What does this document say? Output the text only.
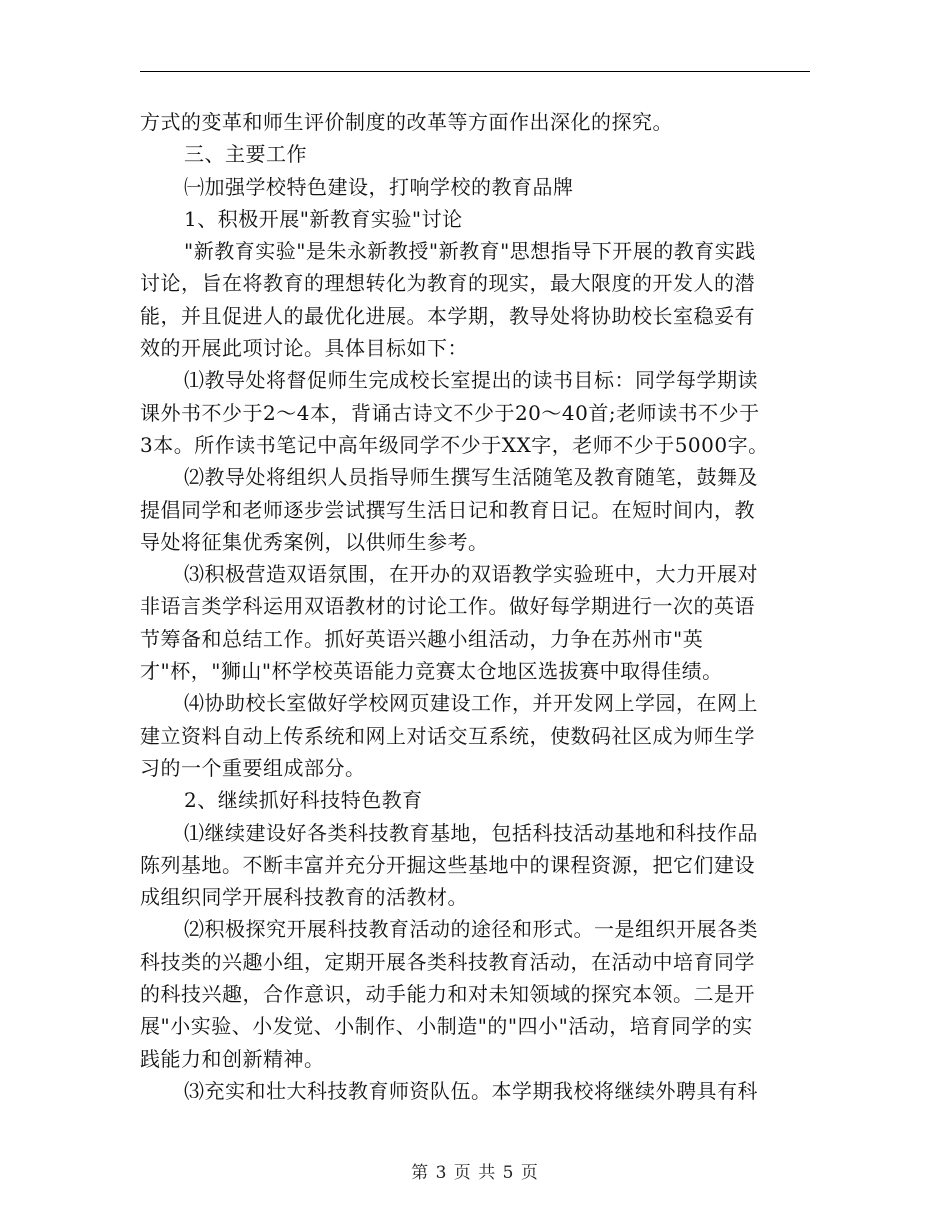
方式的变革和师生评价制度的改革等方面作出深化的探究。
三、主要工作
㈠加强学校特色建设，打响学校的教育品牌
1、积极开展"新教育实验"讨论
"新教育实验"是朱永新教授"新教育"思想指导下开展的教育实践
讨论，旨在将教育的理想转化为教育的现实，最大限度的开发人的潜
能，并且促进人的最优化进展。本学期，教导处将协助校长室稳妥有
效的开展此项讨论。具体目标如下：
⑴教导处将督促师生完成校长室提出的读书目标：同学每学期读
课外书不少于2～4本，背诵古诗文不少于20～40首;老师读书不少于
3本。所作读书笔记中高年级同学不少于XX字，老师不少于5000字。
⑵教导处将组织人员指导师生撰写生活随笔及教育随笔，鼓舞及
提倡同学和老师逐步尝试撰写生活日记和教育日记。在短时间内，教
导处将征集优秀案例，以供师生参考。
⑶积极营造双语氛围，在开办的双语教学实验班中，大力开展对
非语言类学科运用双语教材的讨论工作。做好每学期进行一次的英语
节筹备和总结工作。抓好英语兴趣小组活动，力争在苏州市"英
才"杯，"狮山"杯学校英语能力竞赛太仓地区选拔赛中取得佳绩。
⑷协助校长室做好学校网页建设工作，并开发网上学园，在网上
建立资料自动上传系统和网上对话交互系统，使数码社区成为师生学
习的一个重要组成部分。
2、继续抓好科技特色教育
⑴继续建设好各类科技教育基地，包括科技活动基地和科技作品
陈列基地。不断丰富并充分开掘这些基地中的课程资源，把它们建设
成组织同学开展科技教育的活教材。
⑵积极探究开展科技教育活动的途径和形式。一是组织开展各类
科技类的兴趣小组，定期开展各类科技教育活动，在活动中培育同学
的科技兴趣，合作意识，动手能力和对未知领域的探究本领。二是开
展"小实验、小发觉、小制作、小制造"的"四小"活动，培育同学的实
践能力和创新精神。
⑶充实和壮大科技教育师资队伍。本学期我校将继续外聘具有科
第 3 页 共 5 页
